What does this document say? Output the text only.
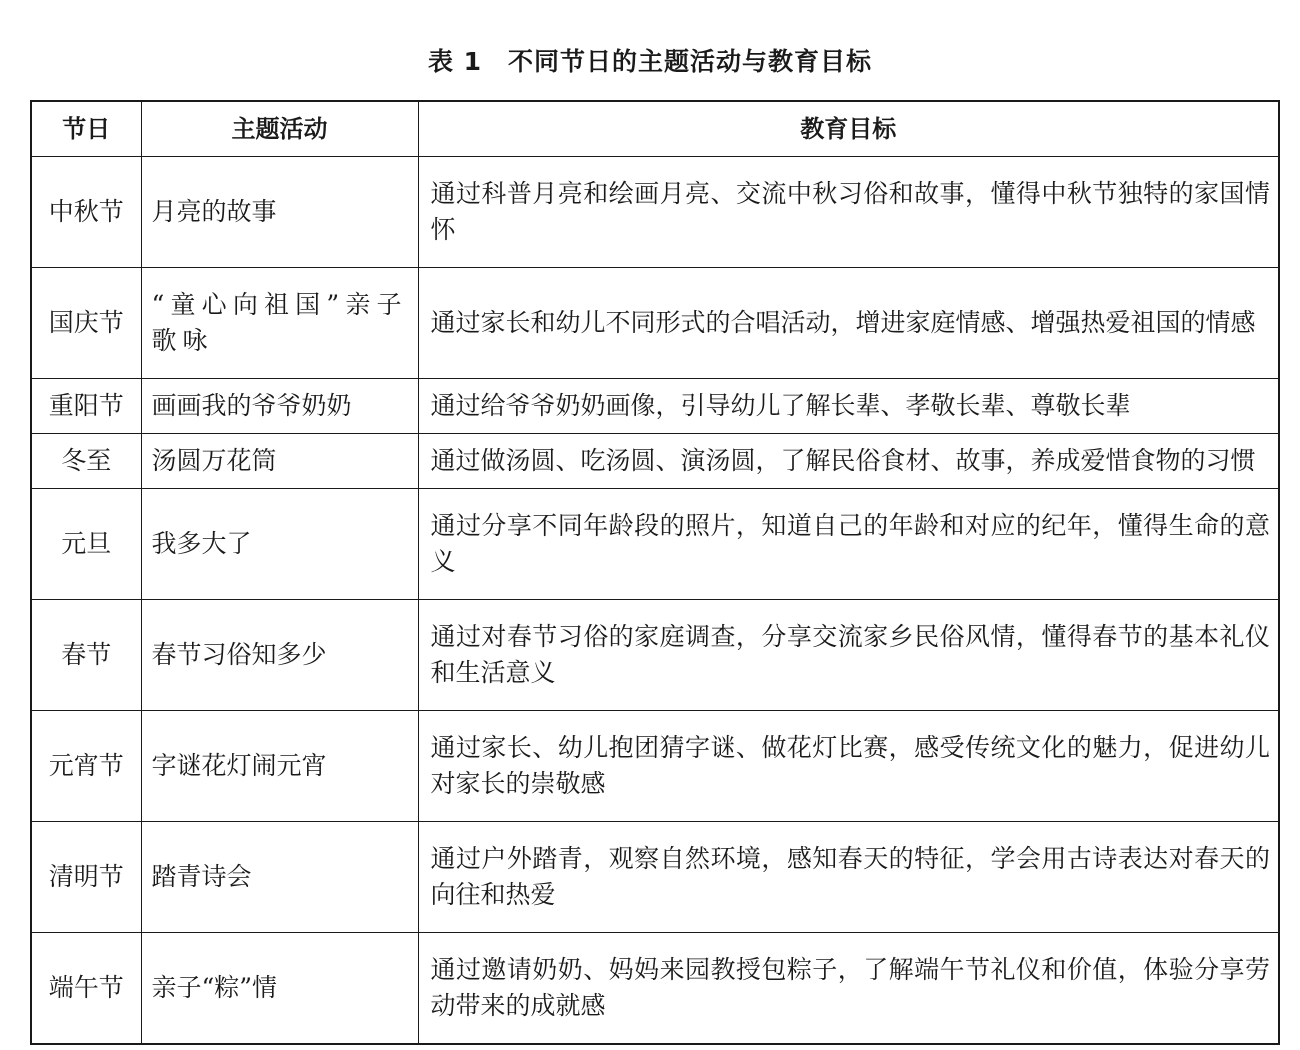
表 1 不同节日的主题活动与教育目标
节日	主题活动	教育目标
中秋节	月亮的故事	通过科普月亮和绘画月亮、交流中秋习俗和故事，懂得中秋节独特的家国情怀
国庆节	“童心向祖国”亲子歌咏	通过家长和幼儿不同形式的合唱活动，增进家庭情感、增强热爱祖国的情感
重阳节	画画我的爷爷奶奶	通过给爷爷奶奶画像，引导幼儿了解长辈、孝敬长辈、尊敬长辈
冬至	汤圆万花筒	通过做汤圆、吃汤圆、演汤圆，了解民俗食材、故事，养成爱惜食物的习惯
元旦	我多大了	通过分享不同年龄段的照片，知道自己的年龄和对应的纪年，懂得生命的意义
春节	春节习俗知多少	通过对春节习俗的家庭调查，分享交流家乡民俗风情，懂得春节的基本礼仪和生活意义
元宵节	字谜花灯闹元宵	通过家长、幼儿抱团猜字谜、做花灯比赛，感受传统文化的魅力，促进幼儿对家长的崇敬感
清明节	踏青诗会	通过户外踏青，观察自然环境，感知春天的特征，学会用古诗表达对春天的向往和热爱
端午节	亲子“粽”情	通过邀请奶奶、妈妈来园教授包粽子，了解端午节礼仪和价值，体验分享劳动带来的成就感
